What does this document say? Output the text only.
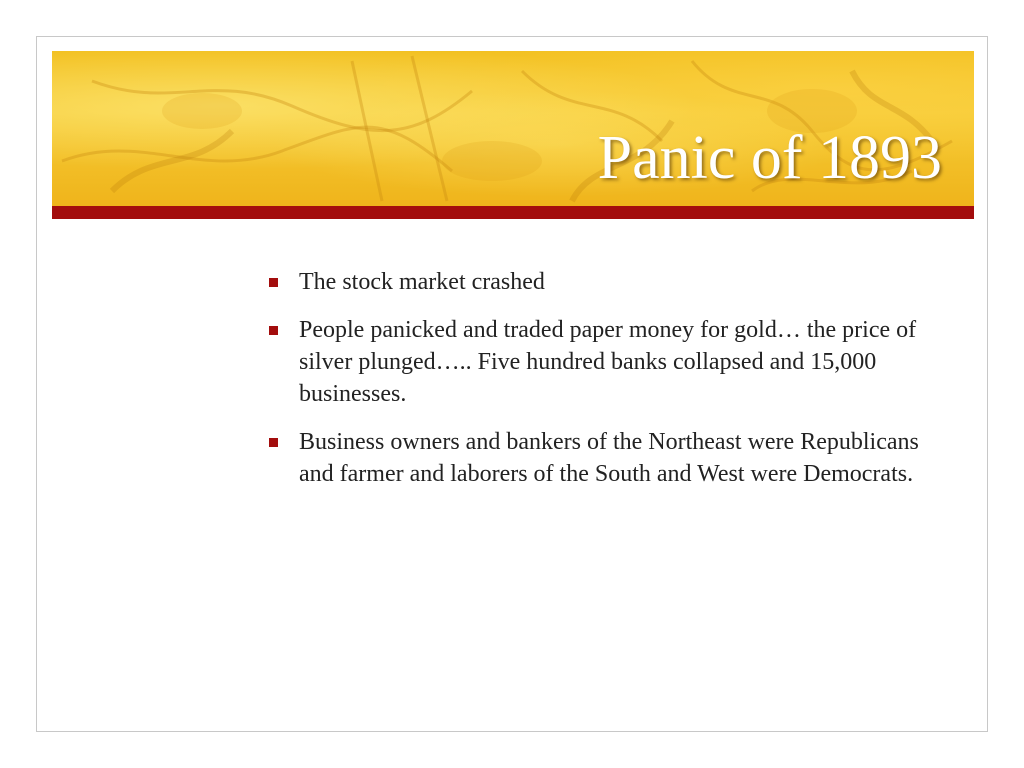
Panic of 1893
The stock market crashed
People panicked and traded paper money for gold… the price of silver plunged….. Five hundred banks collapsed and 15,000 businesses.
Business owners and bankers of the Northeast were Republicans and farmer and laborers of the South and West were Democrats.
